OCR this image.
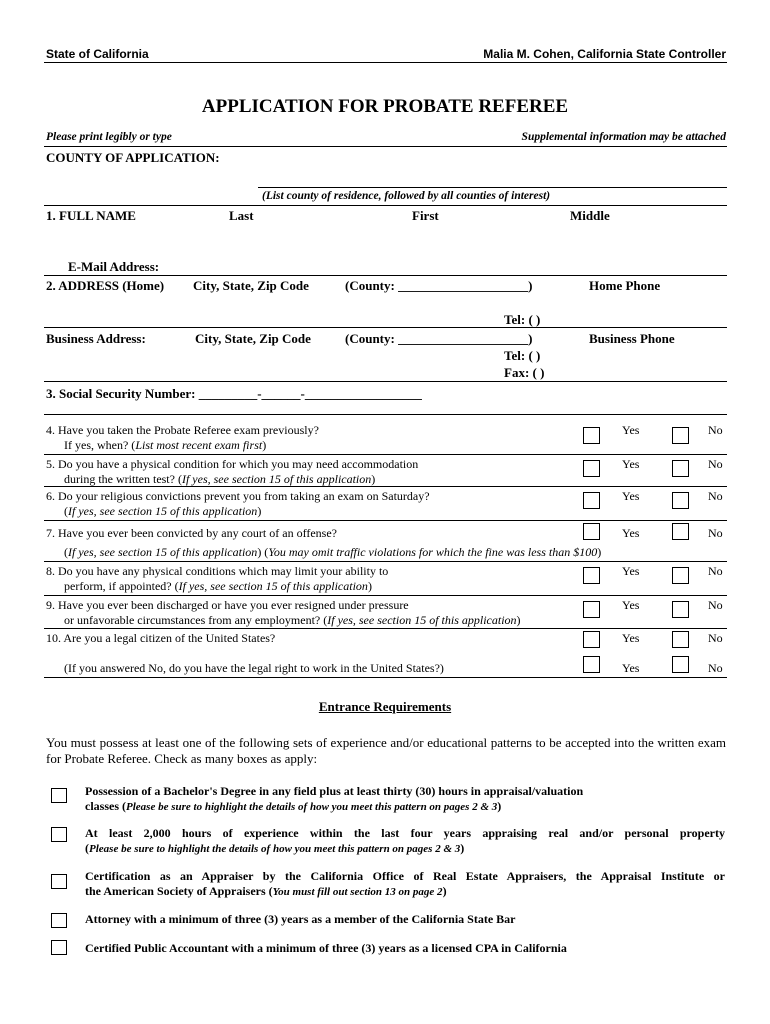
State of California	Malia M. Cohen, California State Controller
APPLICATION FOR PROBATE REFEREE
Please print legibly or type	Supplemental information may be attached
COUNTY OF APPLICATION:
(List county of residence, followed by all counties of interest)
1. FULL NAME	Last	First	Middle
E-Mail Address:
2. ADDRESS (Home) City, State, Zip Code	(County: ____________________)	Home Phone
Tel: ( )
Business Address:	City, State, Zip Code	(County: ____________________)	Business Phone
Tel: ( )
Fax: ( )
3. Social Security Number: _________-______-__________________
4. Have you taken the Probate Referee exam previously?
If yes, when? (List most recent exam first)
Yes	No
5. Do you have a physical condition for which you may need accommodation
during the written test? (If yes, see section 15 of this application)
Yes	No
6. Do your religious convictions prevent you from taking an exam on Saturday?
(If yes, see section 15 of this application)
Yes	No
7. Have you ever been convicted by any court of an offense?
(If yes, see section 15 of this application) (You may omit traffic violations for which the fine was less than $100)
Yes	No
8. Do you have any physical conditions which may limit your ability to
perform, if appointed? (If yes, see section 15 of this application)
Yes	No
9. Have you ever been discharged or have you ever resigned under pressure
or unfavorable circumstances from any employment? (If yes, see section 15 of this application)
Yes	No
10. Are you a legal citizen of the United States?	Yes	No
(If you answered No, do you have the legal right to work in the United States?)	Yes	No
Entrance Requirements
You must possess at least one of the following sets of experience and/or educational patterns to be accepted into the written exam for Probate Referee. Check as many boxes as apply:
Possession of a Bachelor's Degree in any field plus at least thirty (30) hours in appraisal/valuation
classes (Please be sure to highlight the details of how you meet this pattern on pages 2 & 3)
At least 2,000 hours of experience within the last four years appraising real and/or personal property
(Please be sure to highlight the details of how you meet this pattern on pages 2 & 3)
Certification as an Appraiser by the California Office of Real Estate Appraisers, the Appraisal Institute or
the American Society of Appraisers (You must fill out section 13 on page 2)
Attorney with a minimum of three (3) years as a member of the California State Bar
Certified Public Accountant with a minimum of three (3) years as a licensed CPA in California
